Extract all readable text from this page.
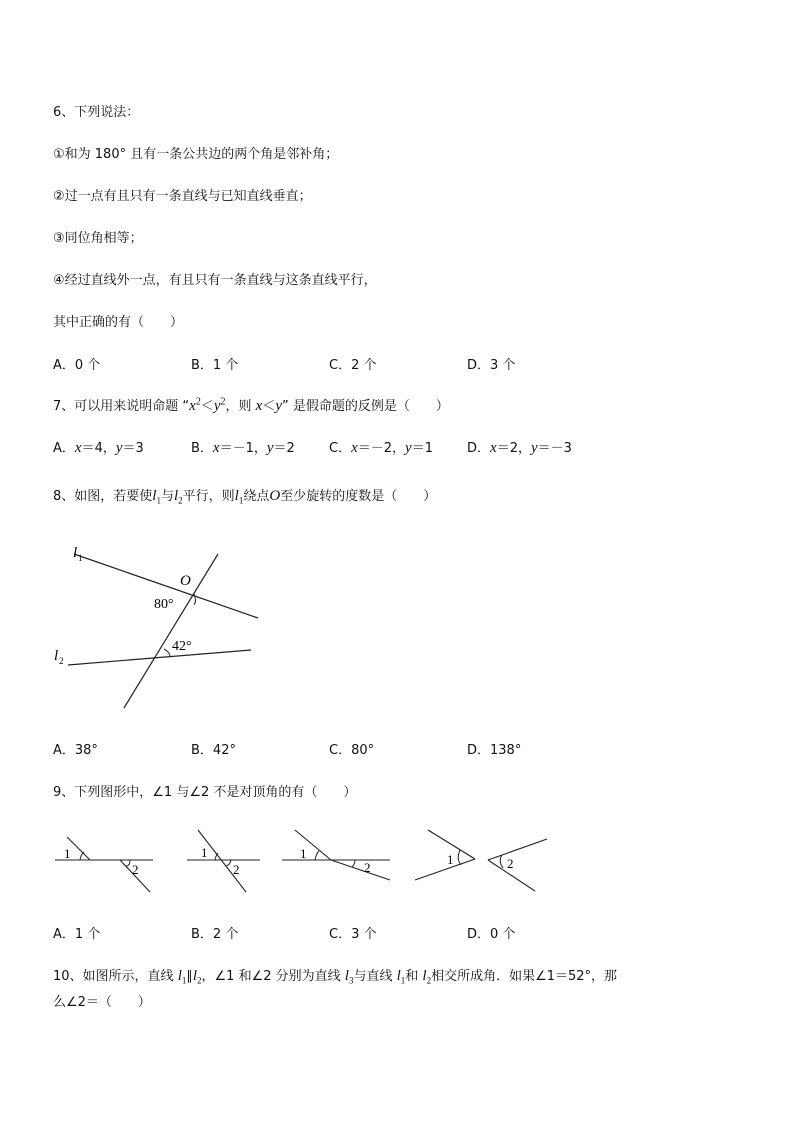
6、下列说法：
①和为 180° 且有一条公共边的两个角是邻补角；
②过一点有且只有一条直线与已知直线垂直；
③同位角相等；
④经过直线外一点，有且只有一条直线与这条直线平行，
其中正确的有（　　）
A．0 个	B．1 个	C．2 个	D．3 个
7、可以用来说明命题 “$x^2<y^2$，则 x＜y” 是假命题的反例是（　　）
A．x＝4，y＝3	B．x＝－1，y＝2	C．x＝－2，y＝1	D．x＝2，y＝－3
8、如图，若要使$l_1$与$l_2$平行，则$l_1$绕点O至少旋转的度数是（　　）
l 1
l 2
O
80°
42°
A．38°	B．42°	C．80°	D．138°
9、下列图形中，∠1 与∠2 不是对顶角的有（　　）
1
2
1
2
1
2
1	2
A．1 个	B．2 个	C．3 个	D．0 个
10、如图所示，直线 $l_1\parallel l_2$，∠1 和∠2 分别为直线 $l_3$与直线 $l_1$和 $l_2$相交所成角．如果∠1＝52°，那
么∠2＝（　　）
